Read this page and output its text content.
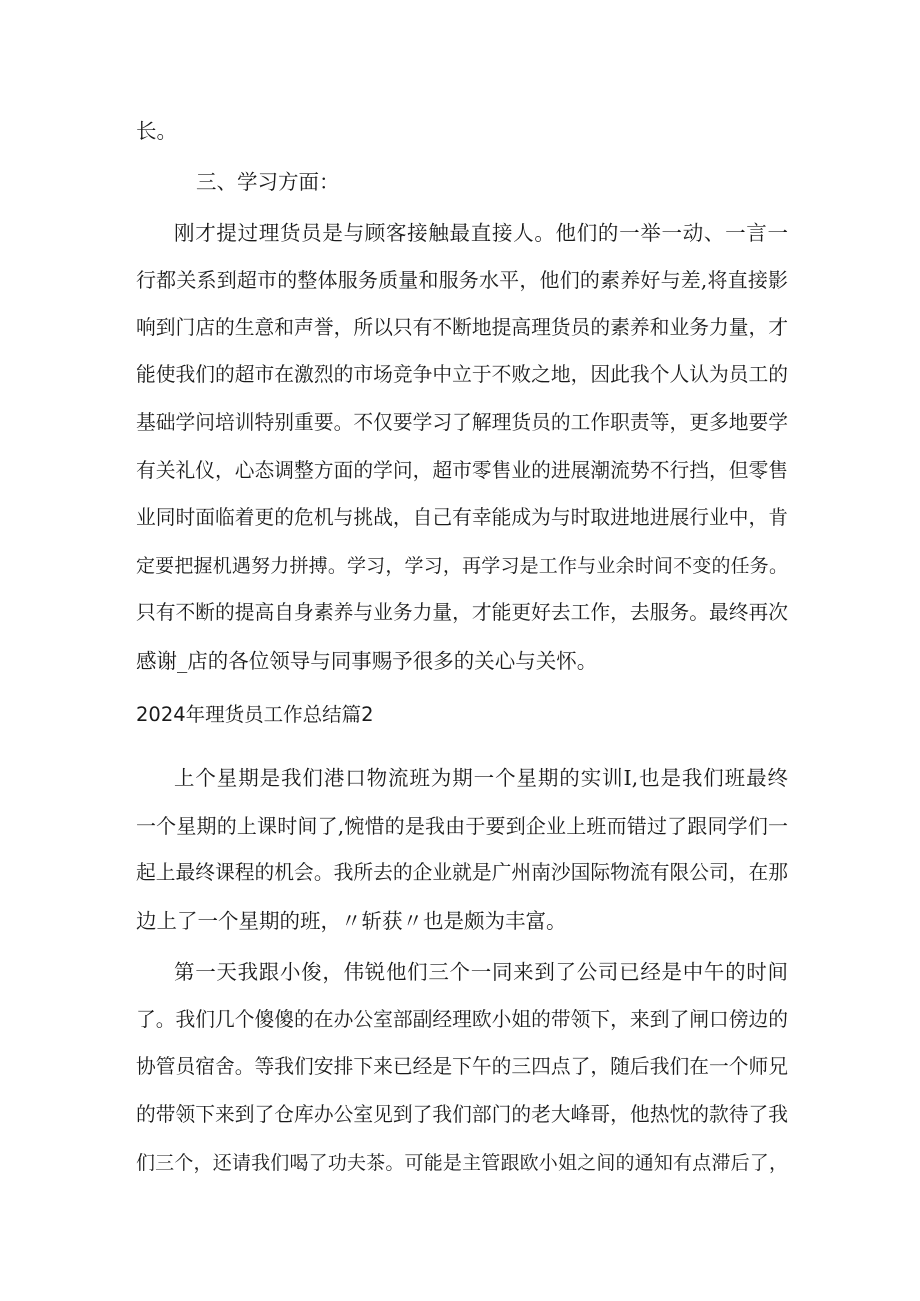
长。
三、学习方面：
刚才提过理货员是与顾客接触最直接人。他们的一举一动、一言一
行都关系到超市的整体服务质量和服务水平，他们的素养好与差,将直接影
响到门店的生意和声誉，所以只有不断地提高理货员的素养和业务力量，才
能使我们的超市在激烈的市场竞争中立于不败之地，因此我个人认为员工的
基础学问培训特别重要。不仅要学习了解理货员的工作职责等，更多地要学
有关礼仪，心态调整方面的学问，超市零售业的进展潮流势不行挡，但零售
业同时面临着更的危机与挑战，自己有幸能成为与时取进地进展行业中，肯
定要把握机遇努力拼搏。学习，学习，再学习是工作与业余时间不变的任务。
只有不断的提高自身素养与业务力量，才能更好去工作，去服务。最终再次
感谢_店的各位领导与同事赐予很多的关心与关怀。
2024年理货员工作总结篇2
上个星期是我们港口物流班为期一个星期的实训I,也是我们班最终
一个星期的上课时间了,惋惜的是我由于要到企业上班而错过了跟同学们一
起上最终课程的机会。我所去的企业就是广州南沙国际物流有限公司，在那
边上了一个星期的班，〃斩获〃也是颇为丰富。
第一天我跟小俊，伟锐他们三个一同来到了公司已经是中午的时间
了。我们几个傻傻的在办公室部副经理欧小姐的带领下，来到了闸口傍边的
协管员宿舍。等我们安排下来已经是下午的三四点了，随后我们在一个师兄
的带领下来到了仓库办公室见到了我们部门的老大峰哥，他热忱的款待了我
们三个，还请我们喝了功夫茶。可能是主管跟欧小姐之间的通知有点滞后了，
